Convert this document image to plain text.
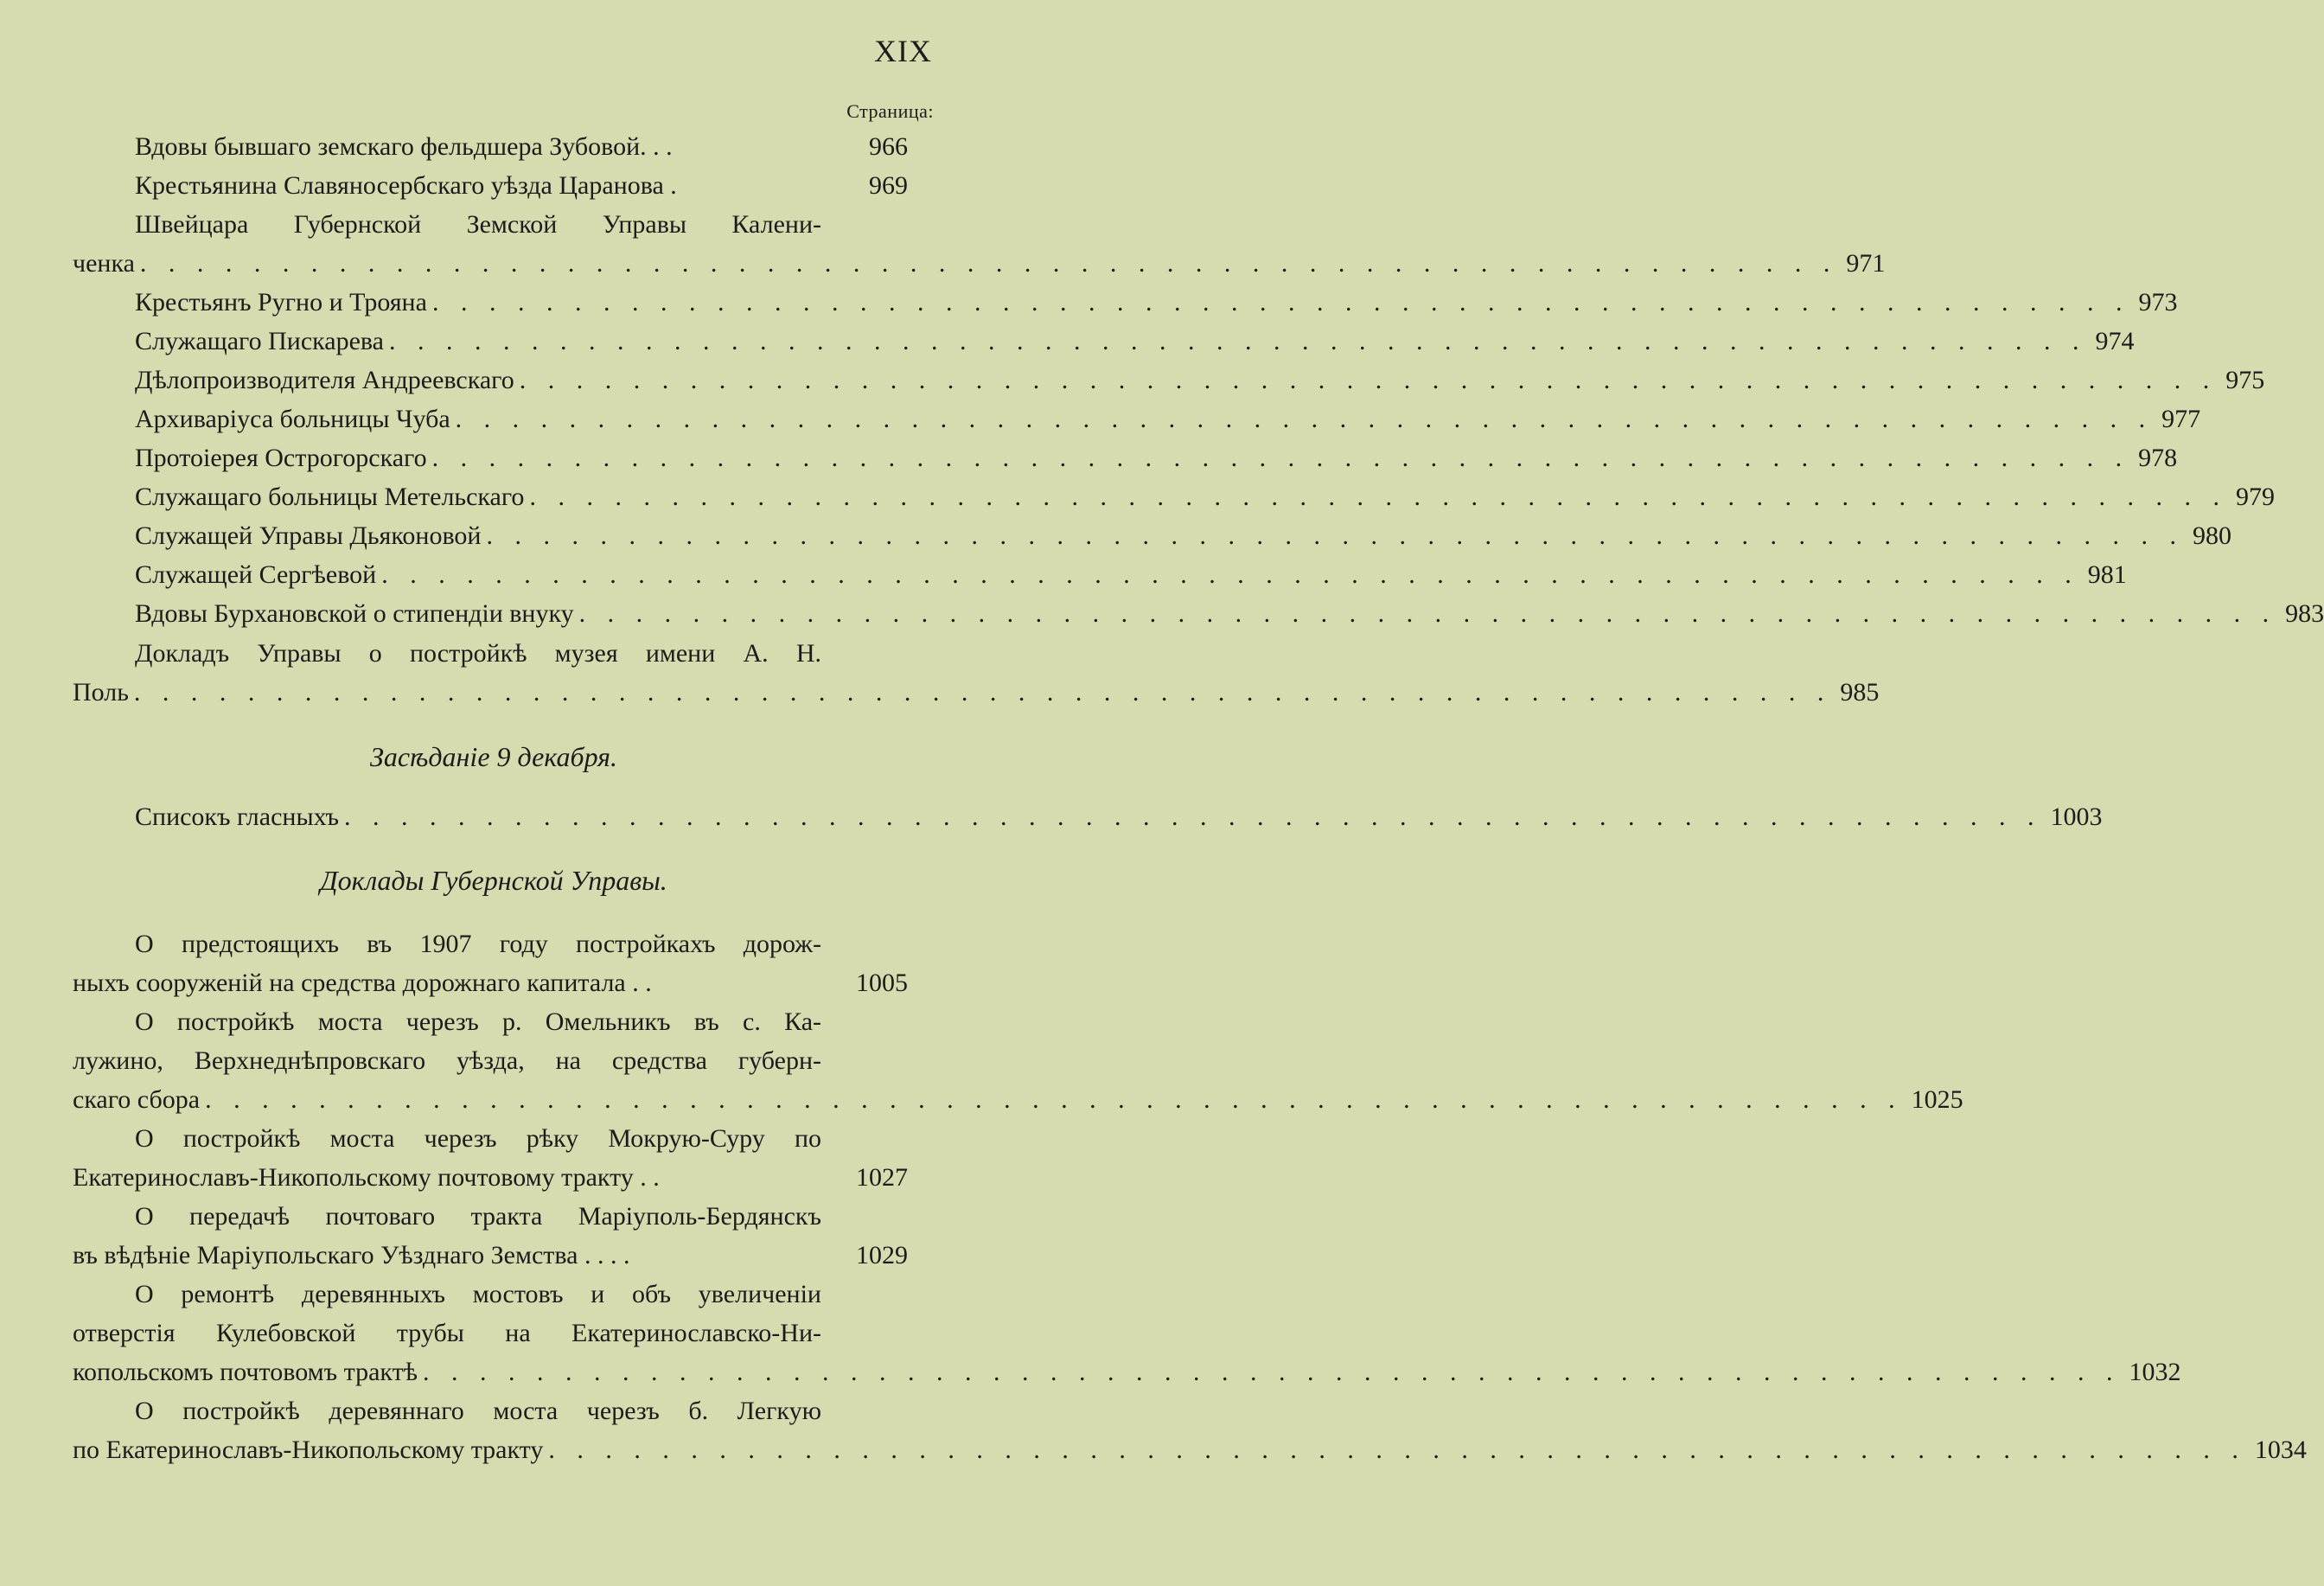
XIX
Страница:
Вдовы бывшаго земскаго фельдшера Зубовой. . .	966
Крестьянина Славяносербскаго уѣзда Царанова .	969
Швейцара Губернской Земской Управы Калени-
ченка . . . . . . . . . . . . . . . . . . . . . . . . . . . . . . . . . . . . . . . . . . . . . . . . . . . . . . . . . . . . 971
Крестьянъ Ругно и Трояна . . . . . . . . . . . . . . . . . . . . . . . . . . . . . . . . . . . . . . . . . . . . . . . . . . . . . . . . . . . . 973
Служащаго Пискарева . . . . . . . . . . . . . . . . . . . . . . . . . . . . . . . . . . . . . . . . . . . . . . . . . . . . . . . . . . . . 974
Дѣлопроизводителя Андреевскаго . . . . . . . . . . . . . . . . . . . . . . . . . . . . . . . . . . . . . . . . . . . . . . . . . . . . . . . . . . . . 975
Архиваріуса больницы Чуба . . . . . . . . . . . . . . . . . . . . . . . . . . . . . . . . . . . . . . . . . . . . . . . . . . . . . . . . . . . . 977
Протоіерея Острогорскаго . . . . . . . . . . . . . . . . . . . . . . . . . . . . . . . . . . . . . . . . . . . . . . . . . . . . . . . . . . . . 978
Служащаго больницы Метельскаго . . . . . . . . . . . . . . . . . . . . . . . . . . . . . . . . . . . . . . . . . . . . . . . . . . . . . . . . . . . . 979
Служащей Управы Дьяконовой . . . . . . . . . . . . . . . . . . . . . . . . . . . . . . . . . . . . . . . . . . . . . . . . . . . . . . . . . . . . 980
Служащей Сергѣевой . . . . . . . . . . . . . . . . . . . . . . . . . . . . . . . . . . . . . . . . . . . . . . . . . . . . . . . . . . . . 981
Вдовы Бурхановской о стипендіи внуку . . . . . . . . . . . . . . . . . . . . . . . . . . . . . . . . . . . . . . . . . . . . . . . . . . . . . . . . . . . . 983
Докладъ Управы о постройкѣ музея имени А. Н.
Поль . . . . . . . . . . . . . . . . . . . . . . . . . . . . . . . . . . . . . . . . . . . . . . . . . . . . . . . . . . . . 985
Засѣданіе 9 декабря.
Списокъ гласныхъ . . . . . . . . . . . . . . . . . . . . . . . . . . . . . . . . . . . . . . . . . . . . . . . . . . . . . . . . . . . . 1003
Доклады Губернской Управы.
О предстоящихъ въ 1907 году постройкахъ дорож-
ныхъ сооруженій на средства дорожнаго капитала . .	1005
О постройкѣ моста черезъ р. Омельникъ въ с. Ка-
лужино, Верхнеднѣпровскаго уѣзда, на средства губерн-
скаго сбора . . . . . . . . . . . . . . . . . . . . . . . . . . . . . . . . . . . . . . . . . . . . . . . . . . . . . . . . . . . . 1025
О постройкѣ моста черезъ рѣку Мокрую-Суру по
Екатеринославъ-Никопольскому почтовому тракту . .	1027
О передачѣ почтоваго тракта Маріуполь-Бердянскъ
въ вѣдѣніе Маріупольскаго Уѣзднаго Земства . . . .	1029
О ремонтѣ деревянныхъ мостовъ и объ увеличеніи
отверстія Кулебовской трубы на Екатеринославско-Ни-
копольскомъ почтовомъ трактѣ . . . . . . . . . . . . . . . . . . . . . . . . . . . . . . . . . . . . . . . . . . . . . . . . . . . . . . . . . . . . 1032
О постройкѣ деревяннаго моста черезъ б. Легкую
по Екатеринославъ-Никопольскому тракту . . . . . . . . . . . . . . . . . . . . . . . . . . . . . . . . . . . . . . . . . . . . . . . . . . . . . . . . . . . . 1034
